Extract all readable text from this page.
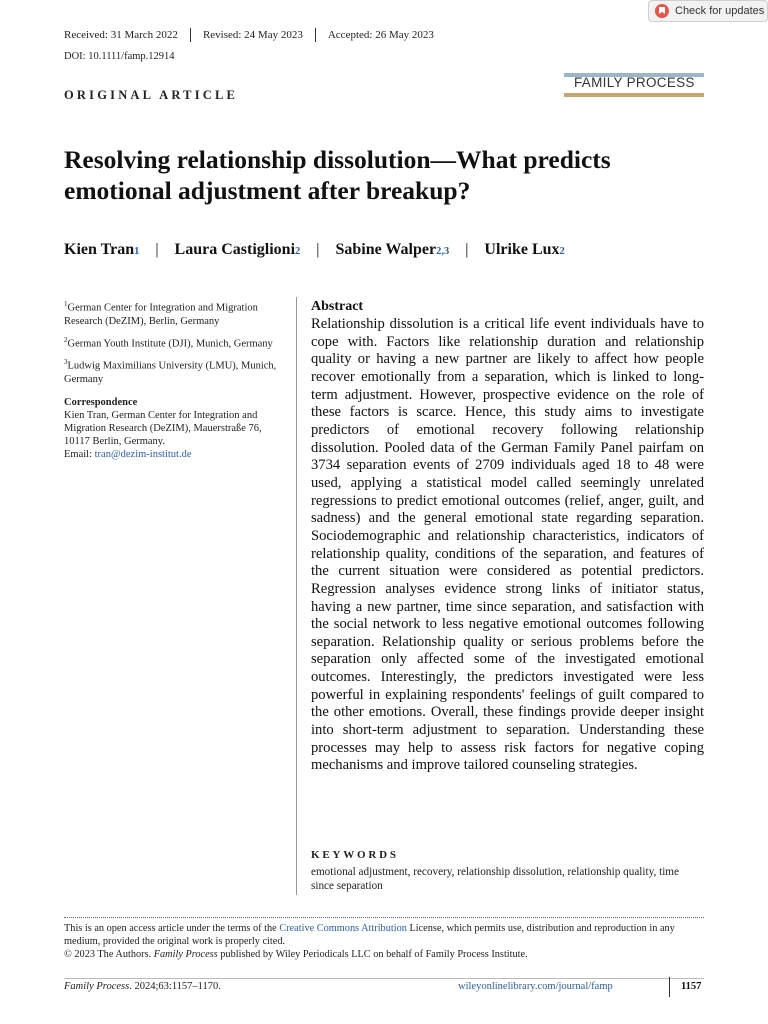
Received: 31 March 2022 Revised: 24 May 2023 Accepted: 26 May 2023
DOI: 10.1111/famp.12914
Check for updates
ORIGINAL ARTICLE
FAMILY PROCESS
Resolving relationship dissolution—What predicts emotional adjustment after breakup?
Kien Tran 1 | Laura Castiglioni 2 | Sabine Walper 2,3 | Ulrike Lux 2
$^1$German Center for Integration and Migration Research (DeZIM), Berlin, Germany
$^2$German Youth Institute (DJI), Munich, Germany
$^3$Ludwig Maximilians University (LMU), Munich, Germany
Correspondence
Kien Tran, German Center for Integration and Migration Research (DeZIM), Mauerstraße 76, 10117 Berlin, Germany.
Email: tran@dezim-institut.de
Abstract
Relationship dissolution is a critical life event individuals have to cope with. Factors like relationship duration and relationship quality or having a new partner are likely to affect how people recover emotionally from a separation, which is linked to long-term adjustment. However, prospective evidence on the role of these factors is scarce. Hence, this study aims to investigate predictors of emotional recovery following relationship dissolution. Pooled data of the German Family Panel pairfam on 3734 separation events of 2709 individuals aged 18 to 48 were used, applying a statistical model called seemingly unrelated regressions to predict emotional outcomes (relief, anger, guilt, and sadness) and the general emotional state regarding separation. Sociodemographic and relationship characteristics, indicators of relationship quality, conditions of the separation, and features of the current situation were considered as potential predictors. Regression analyses evidence strong links of initiator status, having a new partner, time since separation, and satisfaction with the social network to less negative emotional outcomes following separation. Relationship quality or serious problems before the separation only affected some of the investigated emotional outcomes. Interestingly, the predictors investigated were less powerful in explaining respondents' feelings of guilt compared to the other emotions. Overall, these findings provide deeper insight into short-term adjustment to separation. Understanding these processes may help to assess risk factors for negative coping mechanisms and improve tailored counseling strategies.
KEYWORDS
emotional adjustment, recovery, relationship dissolution, relationship quality, time since separation
This is an open access article under the terms of the Creative Commons Attribution License, which permits use, distribution and reproduction in any medium, provided the original work is properly cited.
© 2023 The Authors. Family Process published by Wiley Periodicals LLC on behalf of Family Process Institute.
Family Process. 2024;63:1157–1170.	wileyonlinelibrary.com/journal/famp	1157
